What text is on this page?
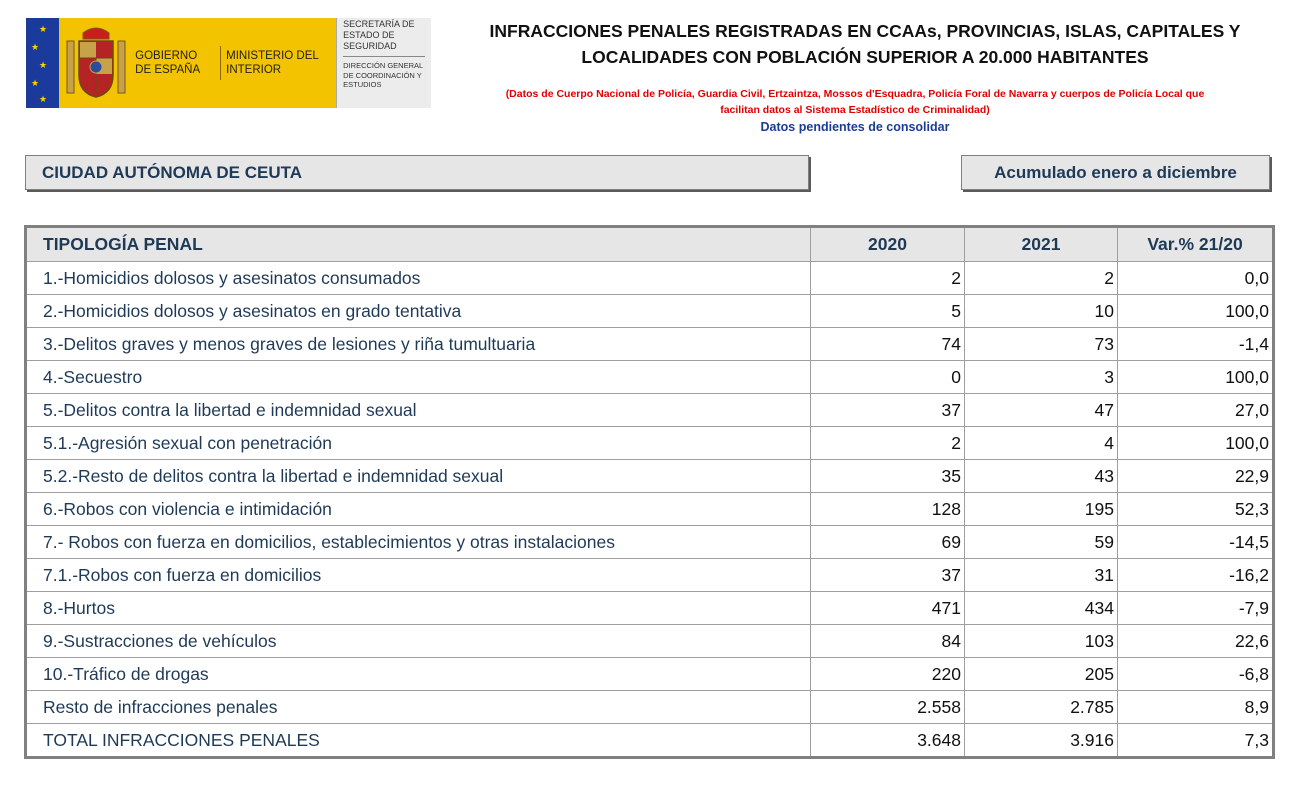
★
★
★
★
★
GOBIERNO DE ESPAÑA
MINISTERIO DEL INTERIOR
SECRETARÍA DE ESTADO DE SEGURIDAD
DIRECCIÓN GENERAL DE COORDINACIÓN Y ESTUDIOS
INFRACCIONES PENALES REGISTRADAS EN CCAAs, PROVINCIAS, ISLAS, CAPITALES Y
LOCALIDADES CON POBLACIÓN SUPERIOR A 20.000 HABITANTES
(Datos de Cuerpo Nacional de Policía, Guardia Civil, Ertzaintza, Mossos d'Esquadra, Policía Foral de Navarra y cuerpos de Policía Local que
facilitan datos al Sistema Estadístico de Criminalidad)
Datos pendientes de consolidar
CIUDAD AUTÓNOMA DE CEUTA	Acumulado enero a diciembre
TIPOLOGÍA PENAL	2020	2021	Var.% 21/20
1.-Homicidios dolosos y asesinatos consumados	2	2	0,0
2.-Homicidios dolosos y asesinatos en grado tentativa	5	10	100,0
3.-Delitos graves y menos graves de lesiones y riña tumultuaria	74	73	-1,4
4.-Secuestro	0	3	100,0
5.-Delitos contra la libertad e indemnidad sexual	37	47	27,0
5.1.-Agresión sexual con penetración	2	4	100,0
5.2.-Resto de delitos contra la libertad e indemnidad sexual	35	43	22,9
6.-Robos con violencia e intimidación	128	195	52,3
7.- Robos con fuerza en domicilios, establecimientos y otras instalaciones	69	59	-14,5
7.1.-Robos con fuerza en domicilios	37	31	-16,2
8.-Hurtos	471	434	-7,9
9.-Sustracciones de vehículos	84	103	22,6
10.-Tráfico de drogas	220	205	-6,8
Resto de infracciones penales	2.558	2.785	8,9
TOTAL INFRACCIONES PENALES	3.648	3.916	7,3
